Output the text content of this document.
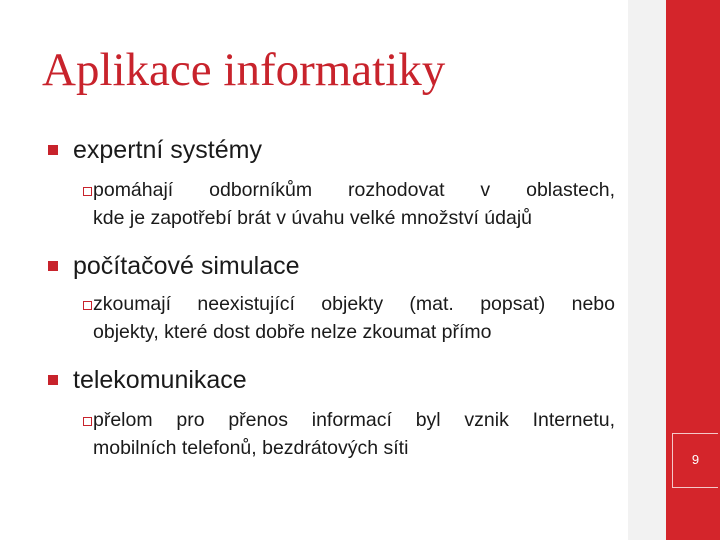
9
Aplikace informatiky
expertní systémy
pomáhají odborníkům rozhodovat v oblastech,
kde je zapotřebí brát v úvahu velké množství údajů
počítačové simulace
zkoumají neexistující objekty (mat. popsat) nebo
objekty, které dost dobře nelze zkoumat přímo
telekomunikace
přelom pro přenos informací byl vznik Internetu,
mobilních telefonů, bezdrátových síti
